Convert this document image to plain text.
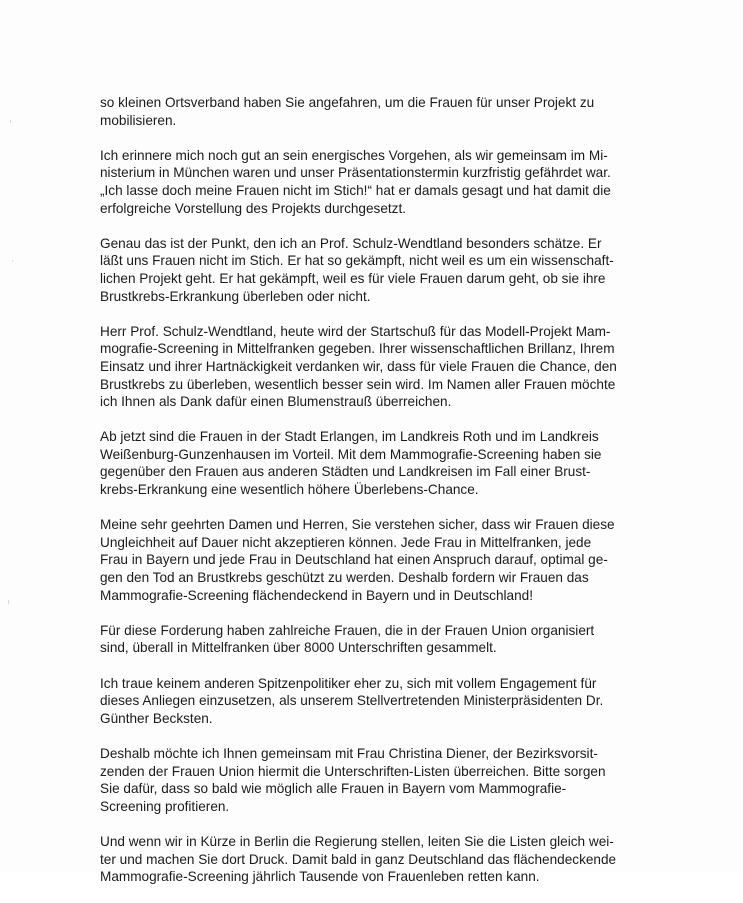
so kleinen Ortsverband haben Sie angefahren, um die Frauen für unser Projekt zu
mobilisieren.

Ich erinnere mich noch gut an sein energisches Vorgehen, als wir gemeinsam im Mi-
nisterium in München waren und unser Präsentationstermin kurzfristig gefährdet war.
„Ich lasse doch meine Frauen nicht im Stich!“ hat er damals gesagt und hat damit die
erfolgreiche Vorstellung des Projekts durchgesetzt.

Genau das ist der Punkt, den ich an Prof. Schulz-Wendtland besonders schätze. Er
läßt uns Frauen nicht im Stich. Er hat so gekämpft, nicht weil es um ein wissenschaft-
lichen Projekt geht. Er hat gekämpft, weil es für viele Frauen darum geht, ob sie ihre
Brustkrebs-Erkrankung überleben oder nicht.

Herr Prof. Schulz-Wendtland, heute wird der Startschuß für das Modell-Projekt Mam-
mografie-Screening in Mittelfranken gegeben. Ihrer wissenschaftlichen Brillanz, Ihrem
Einsatz und ihrer Hartnäckigkeit verdanken wir, dass für viele Frauen die Chance, den
Brustkrebs zu überleben, wesentlich besser sein wird. Im Namen aller Frauen möchte
ich Ihnen als Dank dafür einen Blumenstrauß überreichen.

Ab jetzt sind die Frauen in der Stadt Erlangen, im Landkreis Roth und im Landkreis
Weißenburg-Gunzenhausen im Vorteil. Mit dem Mammografie-Screening haben sie
gegenüber den Frauen aus anderen Städten und Landkreisen im Fall einer Brust-
krebs-Erkrankung eine wesentlich höhere Überlebens-Chance.

Meine sehr geehrten Damen und Herren, Sie verstehen sicher, dass wir Frauen diese
Ungleichheit auf Dauer nicht akzeptieren können. Jede Frau in Mittelfranken, jede
Frau in Bayern und jede Frau in Deutschland hat einen Anspruch darauf, optimal ge-
gen den Tod an Brustkrebs geschützt zu werden. Deshalb fordern wir Frauen das
Mammografie-Screening flächendeckend in Bayern und in Deutschland!

Für diese Forderung haben zahlreiche Frauen, die in der Frauen Union organisiert
sind, überall in Mittelfranken über 8000 Unterschriften gesammelt.

Ich traue keinem anderen Spitzenpolitiker eher zu, sich mit vollem Engagement für
dieses Anliegen einzusetzen, als unserem Stellvertretenden Ministerpräsidenten Dr.
Günther Becksten.

Deshalb möchte ich Ihnen gemeinsam mit Frau Christina Diener, der Bezirksvorsit-
zenden der Frauen Union hiermit die Unterschriften-Listen überreichen. Bitte sorgen
Sie dafür, dass so bald wie möglich alle Frauen in Bayern vom Mammografie-
Screening profitieren.

Und wenn wir in Kürze in Berlin die Regierung stellen, leiten Sie die Listen gleich wei-
ter und machen Sie dort Druck. Damit bald in ganz Deutschland das flächendeckende
Mammografie-Screening jährlich Tausende von Frauenleben retten kann.
